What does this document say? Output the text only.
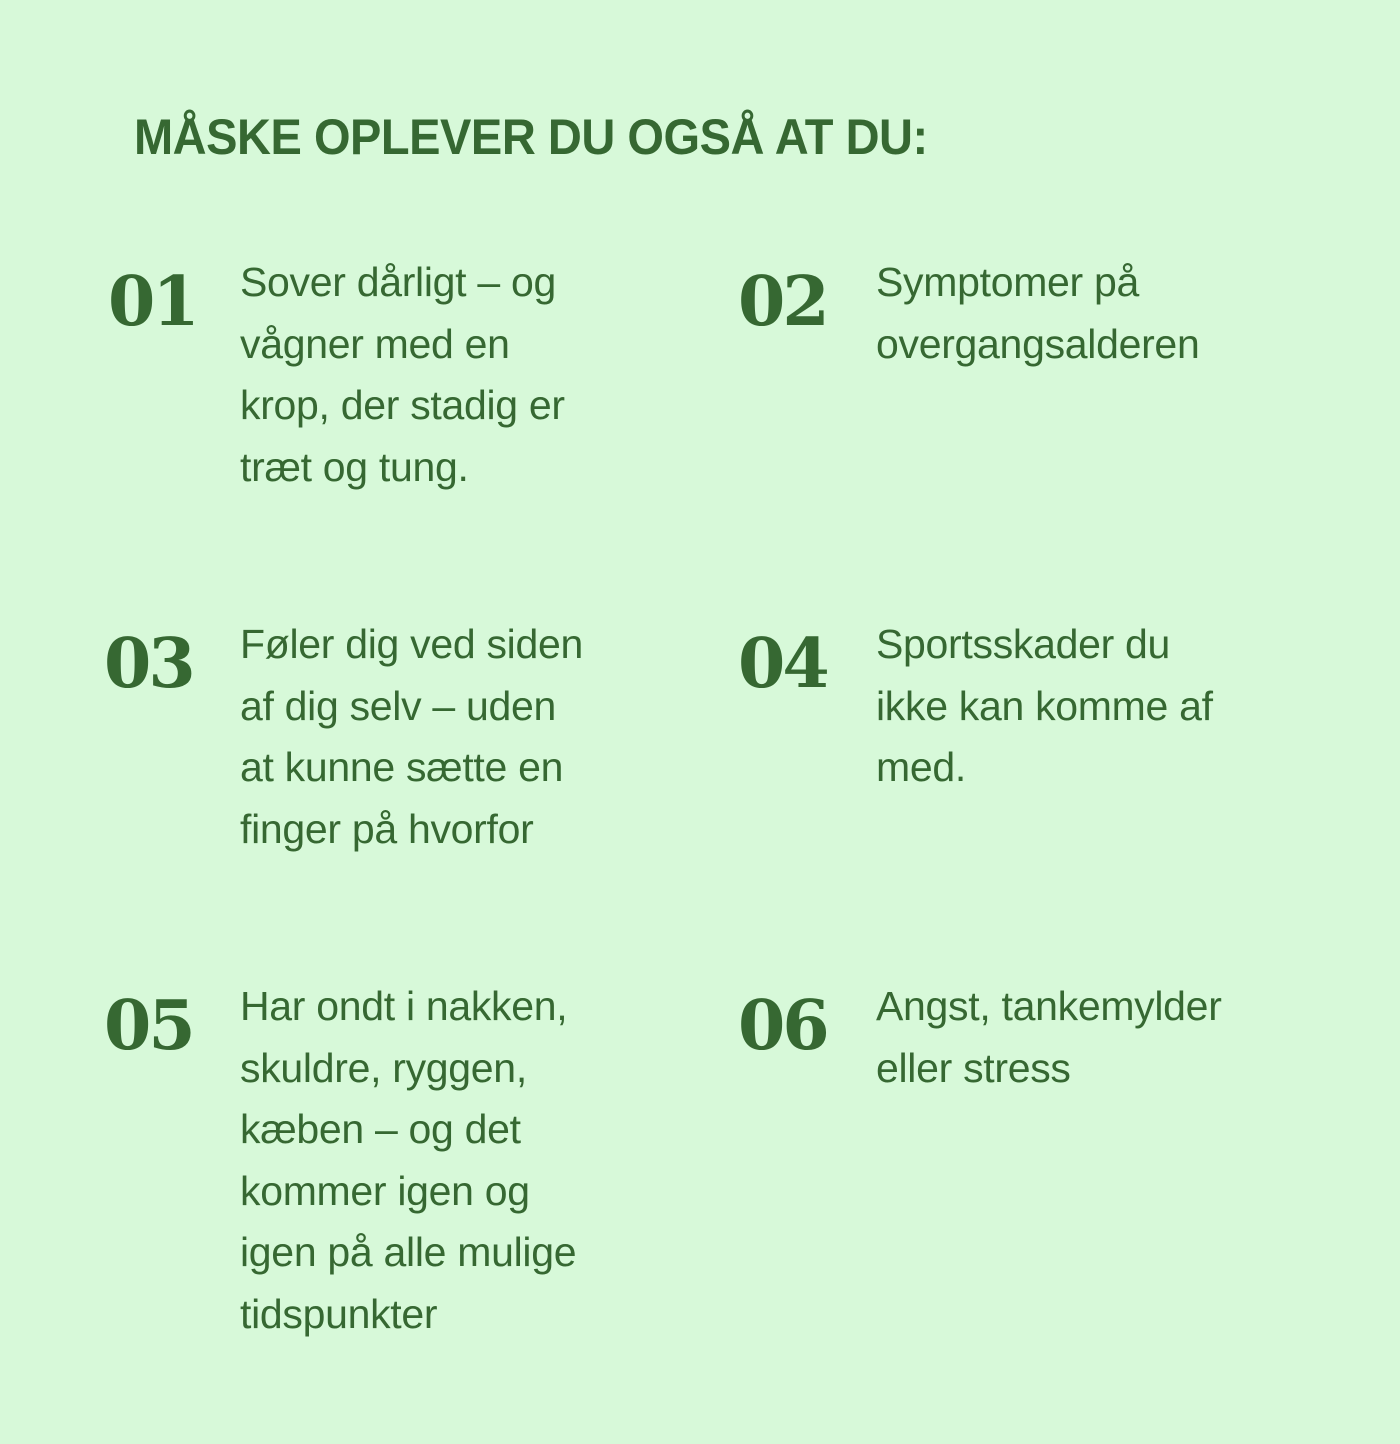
MÅSKE OPLEVER DU OGSÅ AT DU:
01 Sover dårligt – og
vågner med en
krop, der stadig er
træt og tung.
02 Symptomer på
overgangsalderen
03 Føler dig ved siden
af dig selv – uden
at kunne sætte en
finger på hvorfor
04 Sportsskader du
ikke kan komme af
med.
05 Har ondt i nakken,
skuldre, ryggen,
kæben – og det
kommer igen og
igen på alle mulige
tidspunkter
06 Angst, tankemylder
eller stress
